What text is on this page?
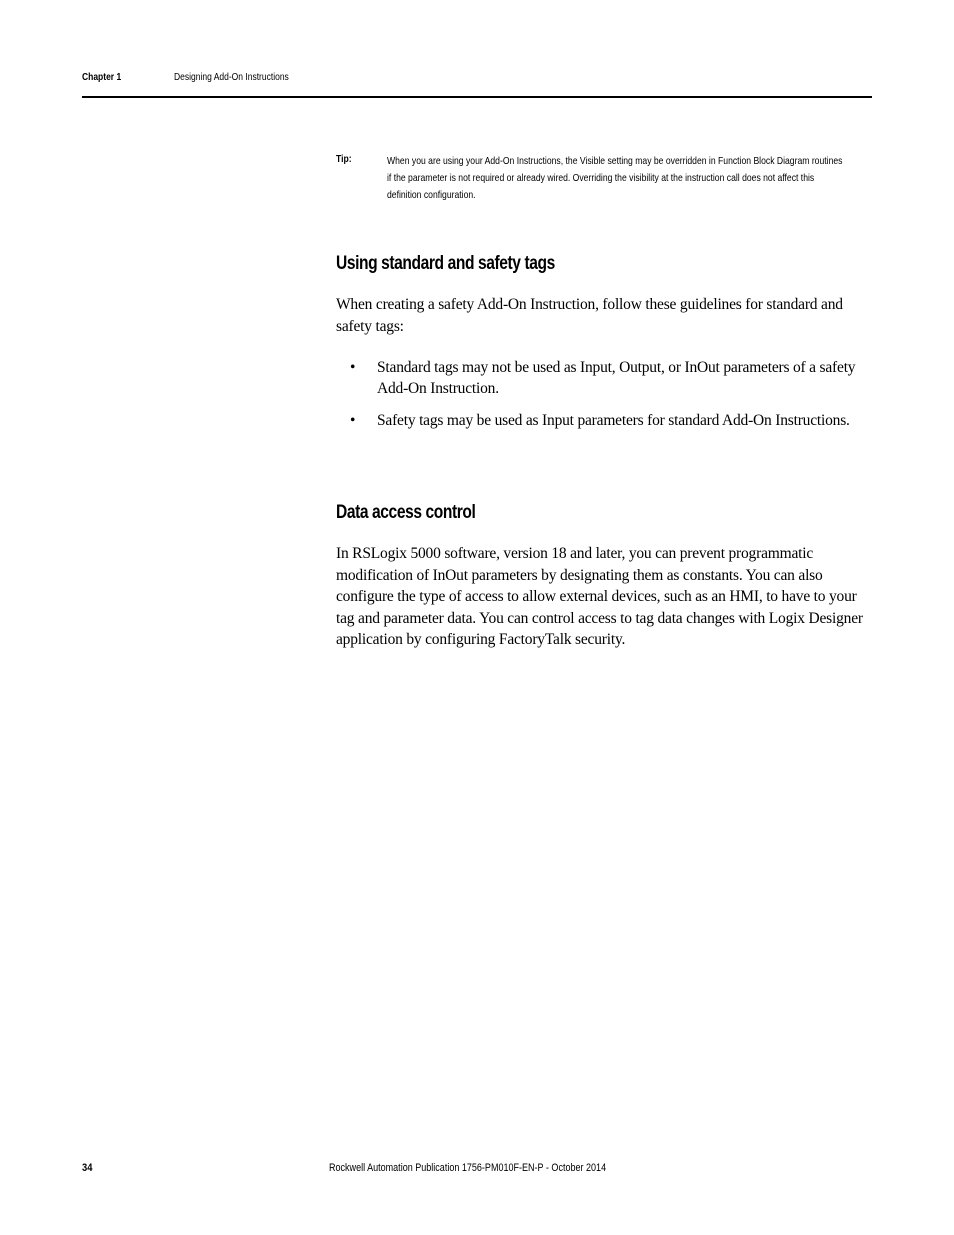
Chapter 1	Designing Add-On Instructions
Tip:	When you are using your Add-On Instructions, the Visible setting may be overridden in Function Block Diagram routines if the parameter is not required or already wired. Overriding the visibility at the instruction call does not affect this definition configuration.
Using standard and safety tags
When creating a safety Add-On Instruction, follow these guidelines for standard and safety tags:
• Standard tags may not be used as Input, Output, or InOut parameters of a safety Add-On Instruction.
• Safety tags may be used as Input parameters for standard Add-On Instructions.
Data access control
In RSLogix 5000 software, version 18 and later, you can prevent programmatic modification of InOut parameters by designating them as constants. You can also configure the type of access to allow external devices, such as an HMI, to have to your tag and parameter data. You can control access to tag data changes with Logix Designer application by configuring FactoryTalk security.
34	Rockwell Automation Publication 1756-PM010F-EN-P - October 2014
